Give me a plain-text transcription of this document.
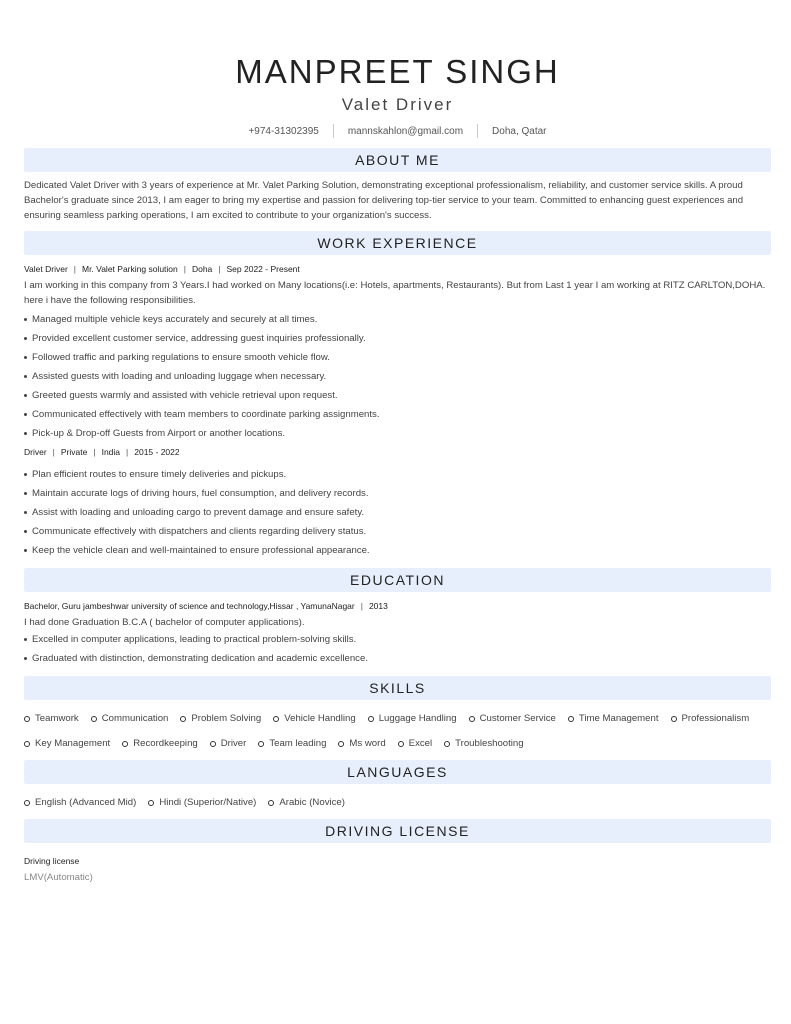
MANPREET SINGH
Valet Driver
+974-31302395	mannskahlon@gmail.com	Doha, Qatar
ABOUT ME

Dedicated Valet Driver with 3 years of experience at Mr. Valet Parking Solution, demonstrating exceptional professionalism, reliability, and customer service skills. A proud Bachelor's graduate since 2013, I am eager to bring my expertise and passion for delivering top-tier service to your team. Committed to enhancing guest experiences and ensuring seamless parking operations, I am excited to contribute to your organization's success.

WORK EXPERIENCE
Valet Driver | Mr. Valet Parking solution | Doha | Sep 2022 - Present

I am working in this company from 3 Years.I had worked on Many locations(i.e: Hotels, apartments, Restaurants). But from Last 1 year I am working at RITZ CARLTON,DOHA. here i have the following responsibilities.

Managed multiple vehicle keys accurately and securely at all times.
Provided excellent customer service, addressing guest inquiries professionally.
Followed traffic and parking regulations to ensure smooth vehicle flow.
Assisted guests with loading and unloading luggage when necessary.
Greeted guests warmly and assisted with vehicle retrieval upon request.
Communicated effectively with team members to coordinate parking assignments.
Pick-up & Drop-off Guests from Airport or another locations.
Driver | Private | India | 2015 - 2022
Plan efficient routes to ensure timely deliveries and pickups.
Maintain accurate logs of driving hours, fuel consumption, and delivery records.
Assist with loading and unloading cargo to prevent damage and ensure safety.
Communicate effectively with dispatchers and clients regarding delivery status.
Keep the vehicle clean and well-maintained to ensure professional appearance.
EDUCATION
Bachelor, Guru jambeshwar university of science and technology,Hissar , YamunaNagar | 2013

I had done Graduation B.C.A ( bachelor of computer applications).

Excelled in computer applications, leading to practical problem-solving skills.
Graduated with distinction, demonstrating dedication and academic excellence.
SKILLS
Teamwork Communication Problem Solving Vehicle Handling Luggage Handling Customer Service Time Management Professionalism
Key Management Recordkeeping Driver Team leading Ms word Excel Troubleshooting
LANGUAGES
English (Advanced Mid) Hindi (Superior/Native) Arabic (Novice)
DRIVING LICENSE
Driving license
LMV(Automatic)
